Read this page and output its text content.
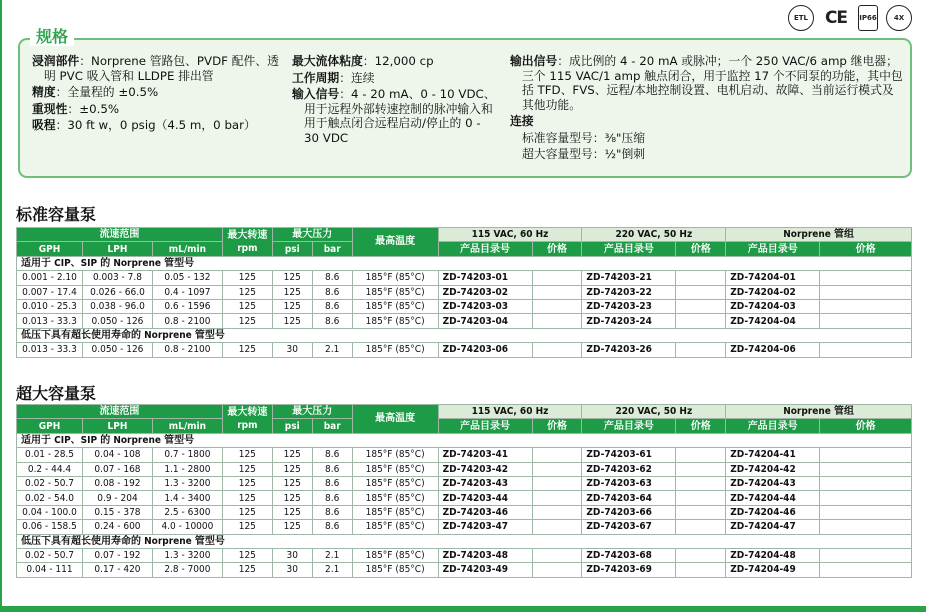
ETL CE	IP66	4X
浸润部件：Norprene 管路包、PVDF 配件、透明 PVC 吸入管和 LLDPE 排出管
精度：全量程的 ±0.5%
重现性：±0.5%
吸程：30 ft w，0 psig（4.5 m，0 bar）
最大流体粘度：12,000 cp
工作周期：连续
输入信号：4 - 20 mA、0 - 10 VDC、用于远程外部转速控制的脉冲输入和用于触点闭合远程启动/停止的 0 - 30 VDC
输出信号：成比例的 4 - 20 mA 或脉冲；一个 250 VAC/6 amp 继电器；三个 115 VAC/1 amp 触点闭合，用于监控 17 个不同泵的功能，其中包括 TFD、FVS、远程/本地控制设置、电机启动、故障、当前运行模式及其他功能。
连接
标准容量型号：⅜"压缩
超大容量型号：½"倒刺
规格
标准容量泵
流速范围			最大转速 rpm	最大压力		最高温度	115 VAC, 60 Hz		220 VAC, 50 Hz		Norprene 管组	
GPH	LPH	mL/min		psi	bar		产品目录号	价格	产品目录号	价格	产品目录号	价格
适用于 CIP、SIP 的 Norprene 管型号												
0.001 - 2.10	0.003 - 7.8	0.05 - 132	125	125	8.6	185°F (85°C)	ZD-74203-01		ZD-74203-21		ZD-74204-01	
0.007 - 17.4	0.026 - 66.0	0.4 - 1097	125	125	8.6	185°F (85°C)	ZD-74203-02		ZD-74203-22		ZD-74204-02	
0.010 - 25.3	0.038 - 96.0	0.6 - 1596	125	125	8.6	185°F (85°C)	ZD-74203-03		ZD-74203-23		ZD-74204-03	
0.013 - 33.3	0.050 - 126	0.8 - 2100	125	125	8.6	185°F (85°C)	ZD-74203-04		ZD-74203-24		ZD-74204-04	
低压下具有超长使用寿命的 Norprene 管型号												
0.013 - 33.3	0.050 - 126	0.8 - 2100	125	30	2.1	185°F (85°C)	ZD-74203-06		ZD-74203-26		ZD-74204-06	
超大容量泵
流速范围			最大转速 rpm	最大压力		最高温度	115 VAC, 60 Hz		220 VAC, 50 Hz		Norprene 管组	
GPH	LPH	mL/min		psi	bar		产品目录号	价格	产品目录号	价格	产品目录号	价格
适用于 CIP、SIP 的 Norprene 管型号												
0.01 - 28.5	0.04 - 108	0.7 - 1800	125	125	8.6	185°F (85°C)	ZD-74203-41		ZD-74203-61		ZD-74204-41	
0.2 - 44.4	0.07 - 168	1.1 - 2800	125	125	8.6	185°F (85°C)	ZD-74203-42		ZD-74203-62		ZD-74204-42	
0.02 - 50.7	0.08 - 192	1.3 - 3200	125	125	8.6	185°F (85°C)	ZD-74203-43		ZD-74203-63		ZD-74204-43	
0.02 - 54.0	0.9 - 204	1.4 - 3400	125	125	8.6	185°F (85°C)	ZD-74203-44		ZD-74203-64		ZD-74204-44	
0.04 - 100.0	0.15 - 378	2.5 - 6300	125	125	8.6	185°F (85°C)	ZD-74203-46		ZD-74203-66		ZD-74204-46	
0.06 - 158.5	0.24 - 600	4.0 - 10000	125	125	8.6	185°F (85°C)	ZD-74203-47		ZD-74203-67		ZD-74204-47	
低压下具有超长使用寿命的 Norprene 管型号												
0.02 - 50.7	0.07 - 192	1.3 - 3200	125	30	2.1	185°F (85°C)	ZD-74203-48		ZD-74203-68		ZD-74204-48	
0.04 - 111	0.17 - 420	2.8 - 7000	125	30	2.1	185°F (85°C)	ZD-74203-49		ZD-74203-69		ZD-74204-49	
